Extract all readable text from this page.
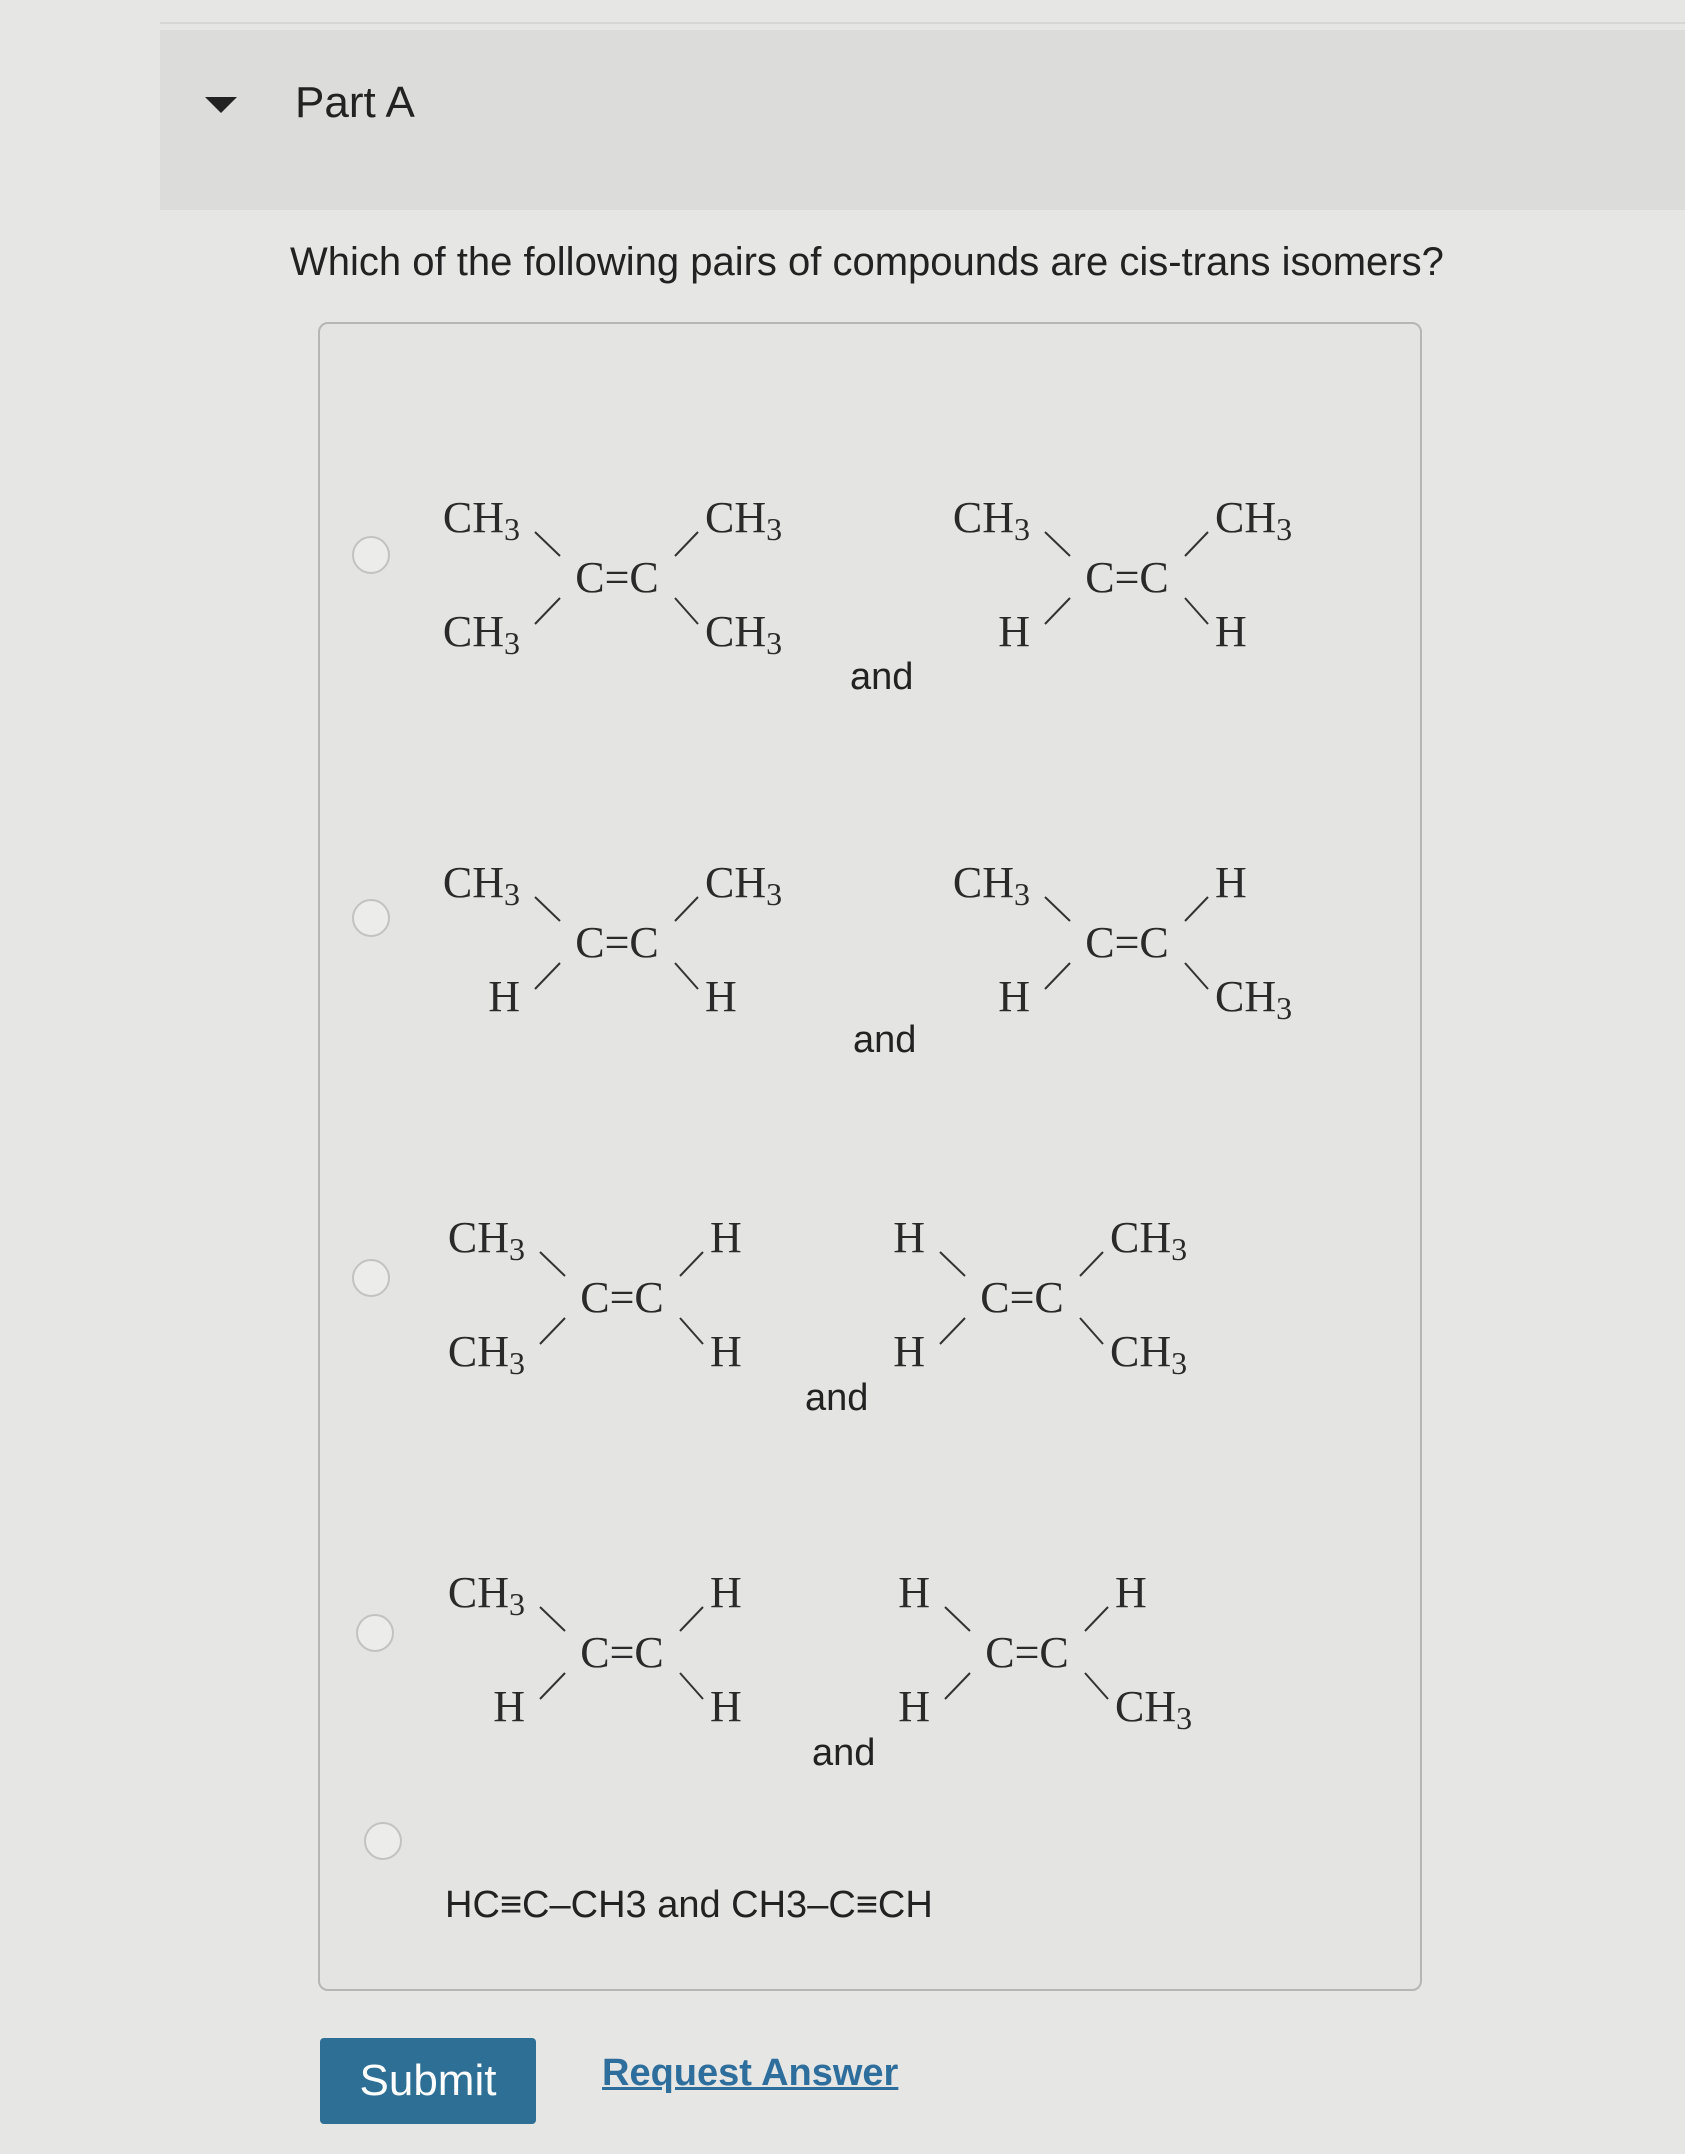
Part A
Which of the following pairs of compounds are cis-trans isomers?
C=C
CH3
CH3
CH3
CH3
and
C=C
CH3
H
CH3
H
C=C
CH3
H
CH3
H
and
C=C
CH3
H
H
CH3
C=C
CH3
CH3
H
H
and
C=C
H
H
CH3
CH3
C=C
CH3
H
H
H
and
C=C
H
H
H
CH3
HC≡C–CH3 and CH3–C≡CH
Submit	Request Answer
